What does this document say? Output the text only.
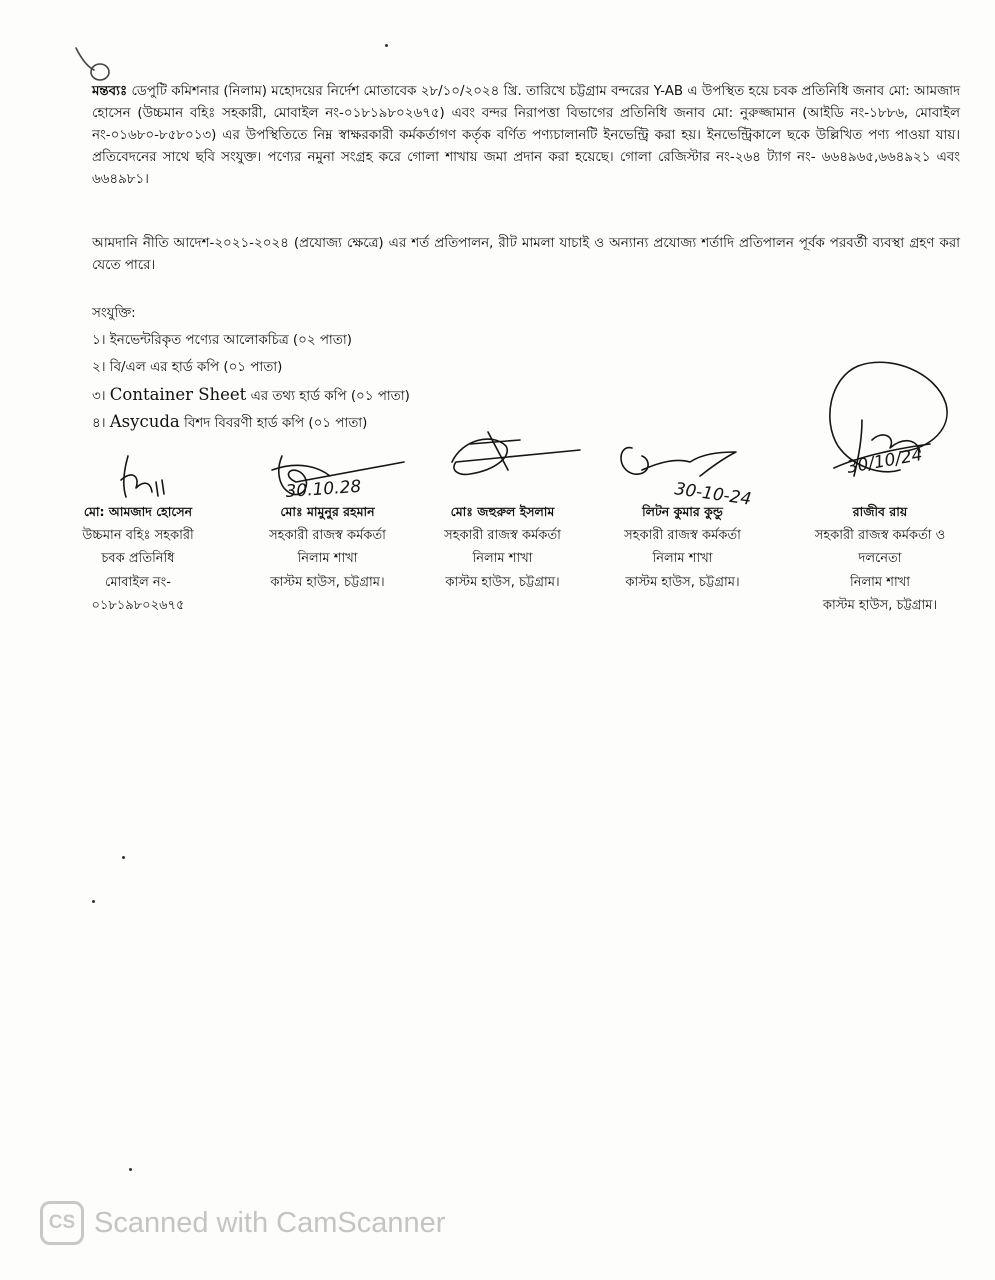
মন্তব্যঃ ডেপুটি কমিশনার (নিলাম) মহোদয়ের নির্দেশ মোতাবেক ২৮/১০/২০২৪ খ্রি. তারিখে চট্টগ্রাম বন্দরের Y-AB এ উপস্থিত হয়ে চবক প্রতিনিধি জনাব মো: আমজাদ হোসেন (উচ্চমান বহিঃ সহকারী, মোবাইল নং-০১৮১৯৮০২৬৭৫) এবং বন্দর নিরাপত্তা বিভাগের প্রতিনিধি জনাব মো: নুরুজ্জামান (আইডি নং-১৮৮৬, মোবাইল নং-০১৬৮০-৮৫৮০১৩) এর উপস্থিতিতে নিম্ন স্বাক্ষরকারী কর্মকর্তাগণ কর্তৃক বর্ণিত পণ্যচালানটি ইনভেন্ট্রি করা হয়। ইনভেন্ট্রিকালে ছকে উল্লিখিত পণ্য পাওয়া যায়। প্রতিবেদনের সাথে ছবি সংযুক্ত। পণ্যের নমুনা সংগ্রহ করে গোলা শাখায় জমা প্রদান করা হয়েছে। গোলা রেজিস্টার নং-২৬৪ ট্যাগ নং- ৬৬৪৯৬৫,৬৬৪৯২১ এবং ৬৬৪৯৮১।

আমদানি নীতি আদেশ-২০২১-২০২৪ (প্রযোজ্য ক্ষেত্রে) এর শর্ত প্রতিপালন, রীট মামলা যাচাই ও অন্যান্য প্রযোজ্য শর্তাদি প্রতিপালন পূর্বক পরবর্তী ব্যবস্থা গ্রহণ করা যেতে পারে।

সংযুক্তি:
১। ইনভেন্টরিকৃত পণ্যের আলোকচিত্র (০২ পাতা)
২। বি/এল এর হার্ড কপি (০১ পাতা)
৩। Container Sheet এর তথ্য হার্ড কপি (০১ পাতা)
৪। Asycuda বিশদ বিবরণী হার্ড কপি (০১ পাতা)
মো: আমজাদ হোসেন
উচ্চমান বহিঃ সহকারী
চবক প্রতিনিধি
মোবাইল নং-
০১৮১৯৮০২৬৭৫
মোঃ মামুনুর রহমান
সহকারী রাজস্ব কর্মকর্তা
নিলাম শাখা
কাস্টম হাউস, চট্টগ্রাম।
মোঃ জহুরুল ইসলাম
সহকারী রাজস্ব কর্মকর্তা
নিলাম শাখা
কাস্টম হাউস, চট্টগ্রাম।
লিটন কুমার কুন্ডু
সহকারী রাজস্ব কর্মকর্তা
নিলাম শাখা
কাস্টম হাউস, চট্টগ্রাম।
রাজীব রায়
সহকারী রাজস্ব কর্মকর্তা ও
দলনেতা
নিলাম শাখা
কাস্টম হাউস, চট্টগ্রাম।
30.10.28	30-10-24
30/10/24
CS Scanned with CamScanner
